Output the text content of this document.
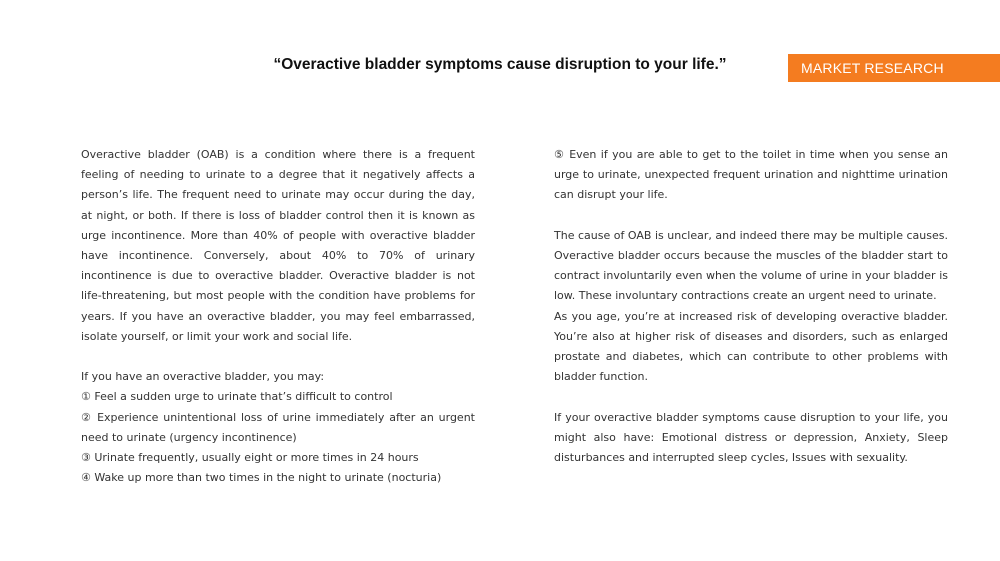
“Overactive bladder symptoms cause disruption to your life.”	MARKET RESEARCH

Overactive bladder (OAB) is a condition where there is a frequent feeling of needing to urinate to a degree that it negatively affects a person’s life. The frequent need to urinate may occur during the day, at night, or both. If there is loss of bladder control then it is known as urge incontinence. More than 40% of people with overactive bladder have incontinence. Conversely, about 40% to 70% of urinary incontinence is due to overactive bladder. Overactive bladder is not life-threatening, but most people with the condition have problems for years. If you have an overactive bladder, you may feel embarrassed, isolate yourself, or limit your work and social life.

If you have an overactive bladder, you may:

① Feel a sudden urge to urinate that’s difficult to control
② Experience unintentional loss of urine immediately after an urgent need to urinate (urgency incontinence)
③ Urinate frequently, usually eight or more times in 24 hours
④ Wake up more than two times in the night to urinate (nocturia)

⑤ Even if you are able to get to the toilet in time when you sense an urge to urinate, unexpected frequent urination and nighttime urination can disrupt your life.

The cause of OAB is unclear, and indeed there may be multiple causes. Overactive bladder occurs because the muscles of the bladder start to contract involuntarily even when the volume of urine in your bladder is low. These involuntary contractions create an urgent need to urinate.

As you age, you’re at increased risk of developing overactive bladder. You’re also at higher risk of diseases and disorders, such as enlarged prostate and diabetes, which can contribute to other problems with bladder function.

If your overactive bladder symptoms cause disruption to your life, you might also have: Emotional distress or depression, Anxiety, Sleep disturbances and interrupted sleep cycles, Issues with sexuality.
